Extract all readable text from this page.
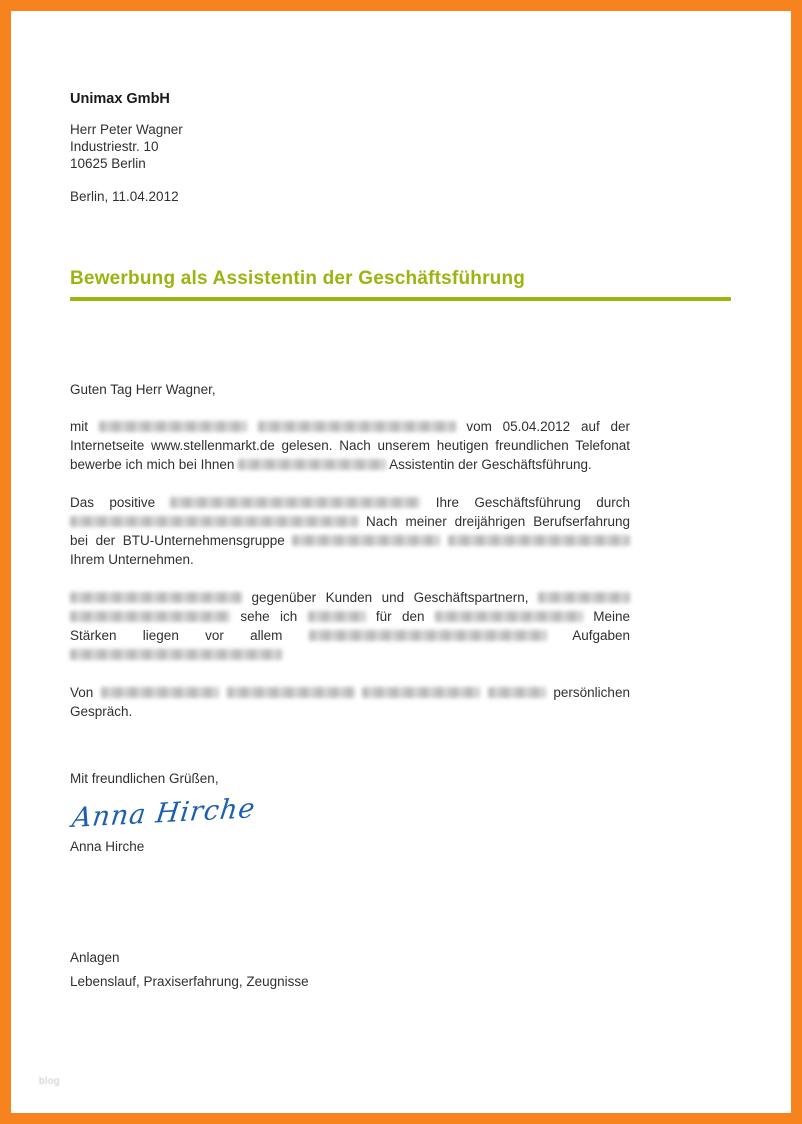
Unimax GmbH
Herr Peter Wagner
Industriestr. 10
10625 Berlin
Berlin, 11.04.2012
Bewerbung als Assistentin der Geschäftsführung
Guten Tag Herr Wagner,

mit	vom 05.04.2012 auf der Internetseite www.stellenmarkt.de gelesen. Nach unserem heutigen freundlichen Telefonat bewerbe ich mich bei Ihnen	Assistentin der Geschäftsführung.

Das positive	Ihre Geschäftsführung durch  Nach meiner dreijährigen Berufserfahrung bei der BTU-Unternehmensgruppe   Ihrem Unternehmen.

gegenüber Kunden und Geschäftspartnern,   sehe ich	für den	Meine Stärken liegen vor allem	Aufgaben

Von	persönlichen Gespräch.

Mit freundlichen Grüßen,
Anna Hirche
Anna Hirche
Anlagen
Lebenslauf, Praxiserfahrung, Zeugnisse
blog
